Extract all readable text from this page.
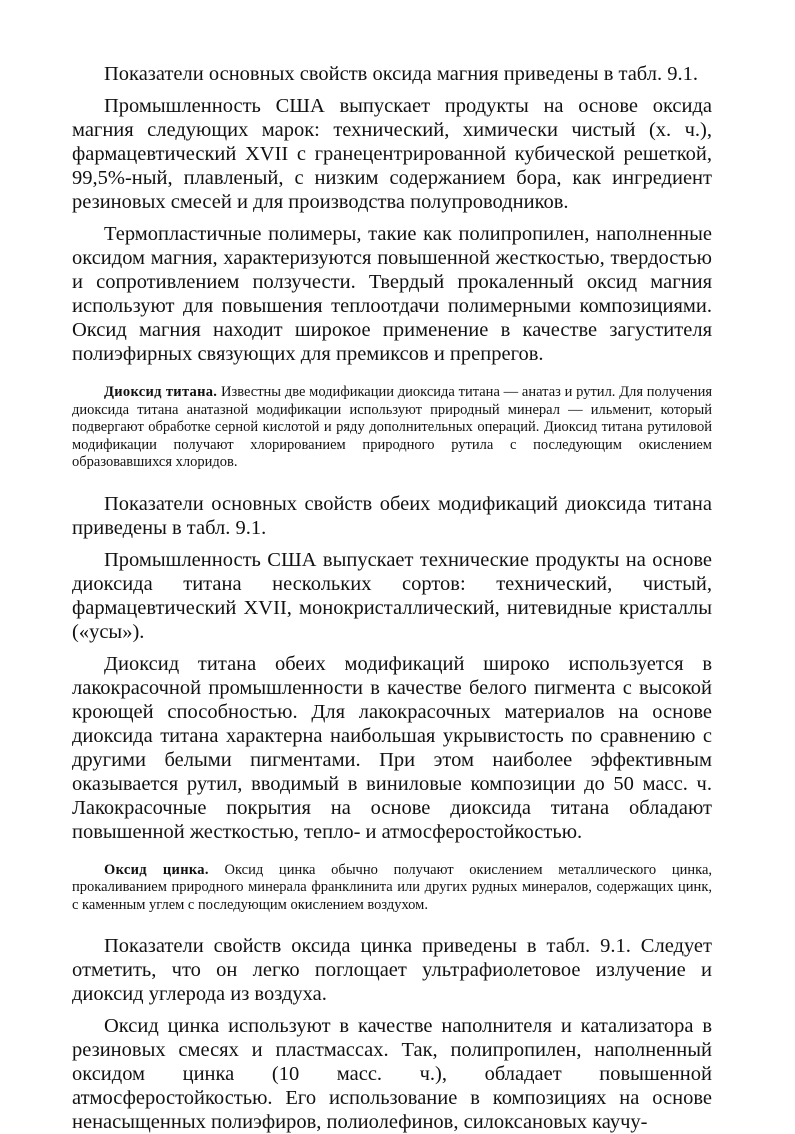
Показатели основных свойств оксида магния приведены в табл. 9.1.

Промышленность США выпускает продукты на основе оксида магния следующих марок: технический, химически чистый (х. ч.), фармацевтический XVII с гранецентрированной кубической решеткой, 99,5%-ный, плавленый, с низким содержанием бора, как ингредиент резиновых смесей и для производства полупроводников.

Термопластичные полимеры, такие как полипропилен, наполненные оксидом магния, характеризуются повышенной жесткостью, твердостью и сопротивлением ползучести. Твердый прокаленный оксид магния используют для повышения теплоотдачи полимерными композициями. Оксид магния находит широкое применение в качестве загустителя полиэфирных связующих для премиксов и препрегов.

Диоксид титана. Известны две модификации диоксида титана — анатаз и рутил. Для получения диоксида титана анатазной модификации используют природный минерал — ильменит, который подвергают обработке серной кислотой и ряду дополнительных операций. Диоксид титана рутиловой модификации получают хлорированием природного рутила с последующим окислением образовавшихся хлоридов.

Показатели основных свойств обеих модификаций диоксида титана приведены в табл. 9.1.

Промышленность США выпускает технические продукты на основе диоксида титана нескольких сортов: технический, чистый, фармацевтический XVII, монокристаллический, нитевидные кристаллы («усы»).

Диоксид титана обеих модификаций широко используется в лакокрасочной промышленности в качестве белого пигмента с высокой кроющей способностью. Для лакокрасочных материалов на основе диоксида титана характерна наибольшая укрывистость по сравнению с другими белыми пигментами. При этом наиболее эффективным оказывается рутил, вводимый в виниловые композиции до 50 масс. ч. Лакокрасочные покрытия на основе диоксида титана обладают повышенной жесткостью, тепло- и атмосферостойкостью.

Оксид цинка. Оксид цинка обычно получают окислением металлического цинка, прокаливанием природного минерала франклинита или других рудных минералов, содержащих цинк, с каменным углем с последующим окислением воздухом.

Показатели свойств оксида цинка приведены в табл. 9.1. Следует отметить, что он легко поглощает ультрафиолетовое излучение и диоксид углерода из воздуха.

Оксид цинка используют в качестве наполнителя и катализатора в резиновых смесях и пластмассах. Так, полипропилен, наполненный оксидом цинка (10 масс. ч.), обладает повышенной атмосферостойкостью. Его использование в композициях на основе ненасыщенных полиэфиров, полиолефинов, силоксановых каучу-
